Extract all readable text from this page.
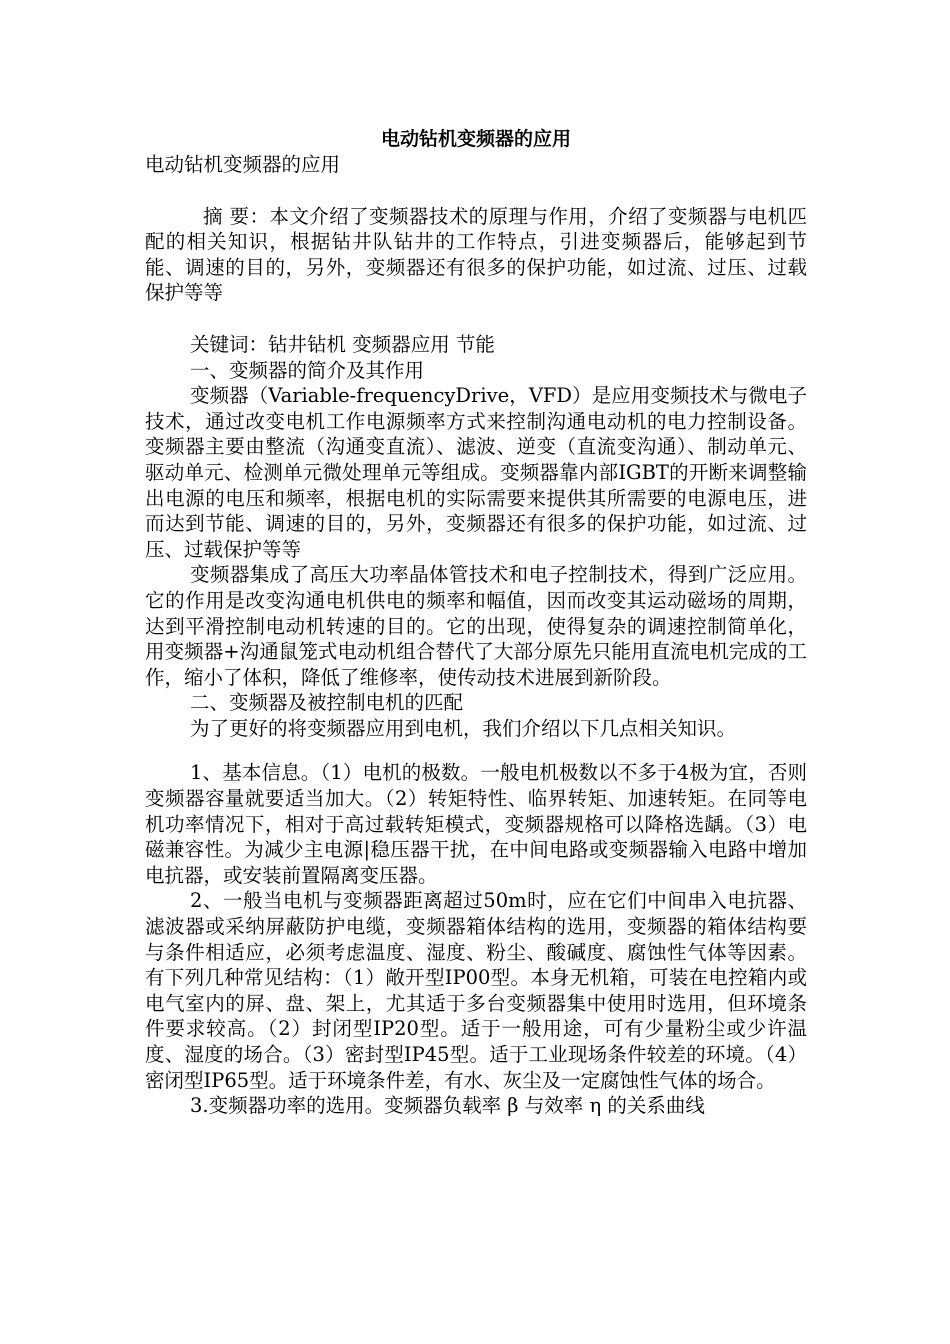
电动钻机变频器的应用

电动钻机变频器的应用

摘 要：本文介绍了变频器技术的原理与作用，介绍了变频器与电机匹配的相关知识，根据钻井队钻井的工作特点，引进变频器后，能够起到节能、调速的目的，另外，变频器还有很多的保护功能，如过流、过压、过载保护等等

关键词：钻井钻机 变频器应用 节能

一、变频器的简介及其作用

变频器（Variable-frequencyDrive，VFD）是应用变频技术与微电子技术，通过改变电机工作电源频率方式来控制沟通电动机的电力控制设备。变频器主要由整流（沟通变直流）、滤波、逆变（直流变沟通）、制动单元、驱动单元、检测单元微处理单元等组成。变频器靠内部IGBT的开断来调整输出电源的电压和频率，根据电机的实际需要来提供其所需要的电源电压，进而达到节能、调速的目的，另外，变频器还有很多的保护功能，如过流、过压、过载保护等等

变频器集成了高压大功率晶体管技术和电子控制技术，得到广泛应用。它的作用是改变沟通电机供电的频率和幅值，因而改变其运动磁场的周期，达到平滑控制电动机转速的目的。它的出现，使得复杂的调速控制简单化，用变频器+沟通鼠笼式电动机组合替代了大部分原先只能用直流电机完成的工作，缩小了体积，降低了维修率，使传动技术进展到新阶段。

二、变频器及被控制电机的匹配

为了更好的将变频器应用到电机，我们介绍以下几点相关知识。

1、基本信息。（1）电机的极数。一般电机极数以不多于4极为宜，否则变频器容量就要适当加大。（2）转矩特性、临界转矩、加速转矩。在同等电机功率情况下，相对于高过载转矩模式，变频器规格可以降格选龋。（3）电磁兼容性。为减少主电源|稳压器干扰，在中间电路或变频器输入电路中增加电抗器，或安装前置隔离变压器。

2、一般当电机与变频器距离超过50m时，应在它们中间串入电抗器、滤波器或采纳屏蔽防护电缆，变频器箱体结构的选用，变频器的箱体结构要与条件相适应，必须考虑温度、湿度、粉尘、酸碱度、腐蚀性气体等因素。有下列几种常见结构：（1）敞开型IP00型。本身无机箱，可装在电控箱内或电气室内的屏、盘、架上，尤其适于多台变频器集中使用时选用，但环境条件要求较高。（2）封闭型IP20型。适于一般用途，可有少量粉尘或少许温度、湿度的场合。（3）密封型IP45型。适于工业现场条件较差的环境。（4）密闭型IP65型。适于环境条件差，有水、灰尘及一定腐蚀性气体的场合。

3.变频器功率的选用。变频器负载率 β 与效率 η 的关系曲线
